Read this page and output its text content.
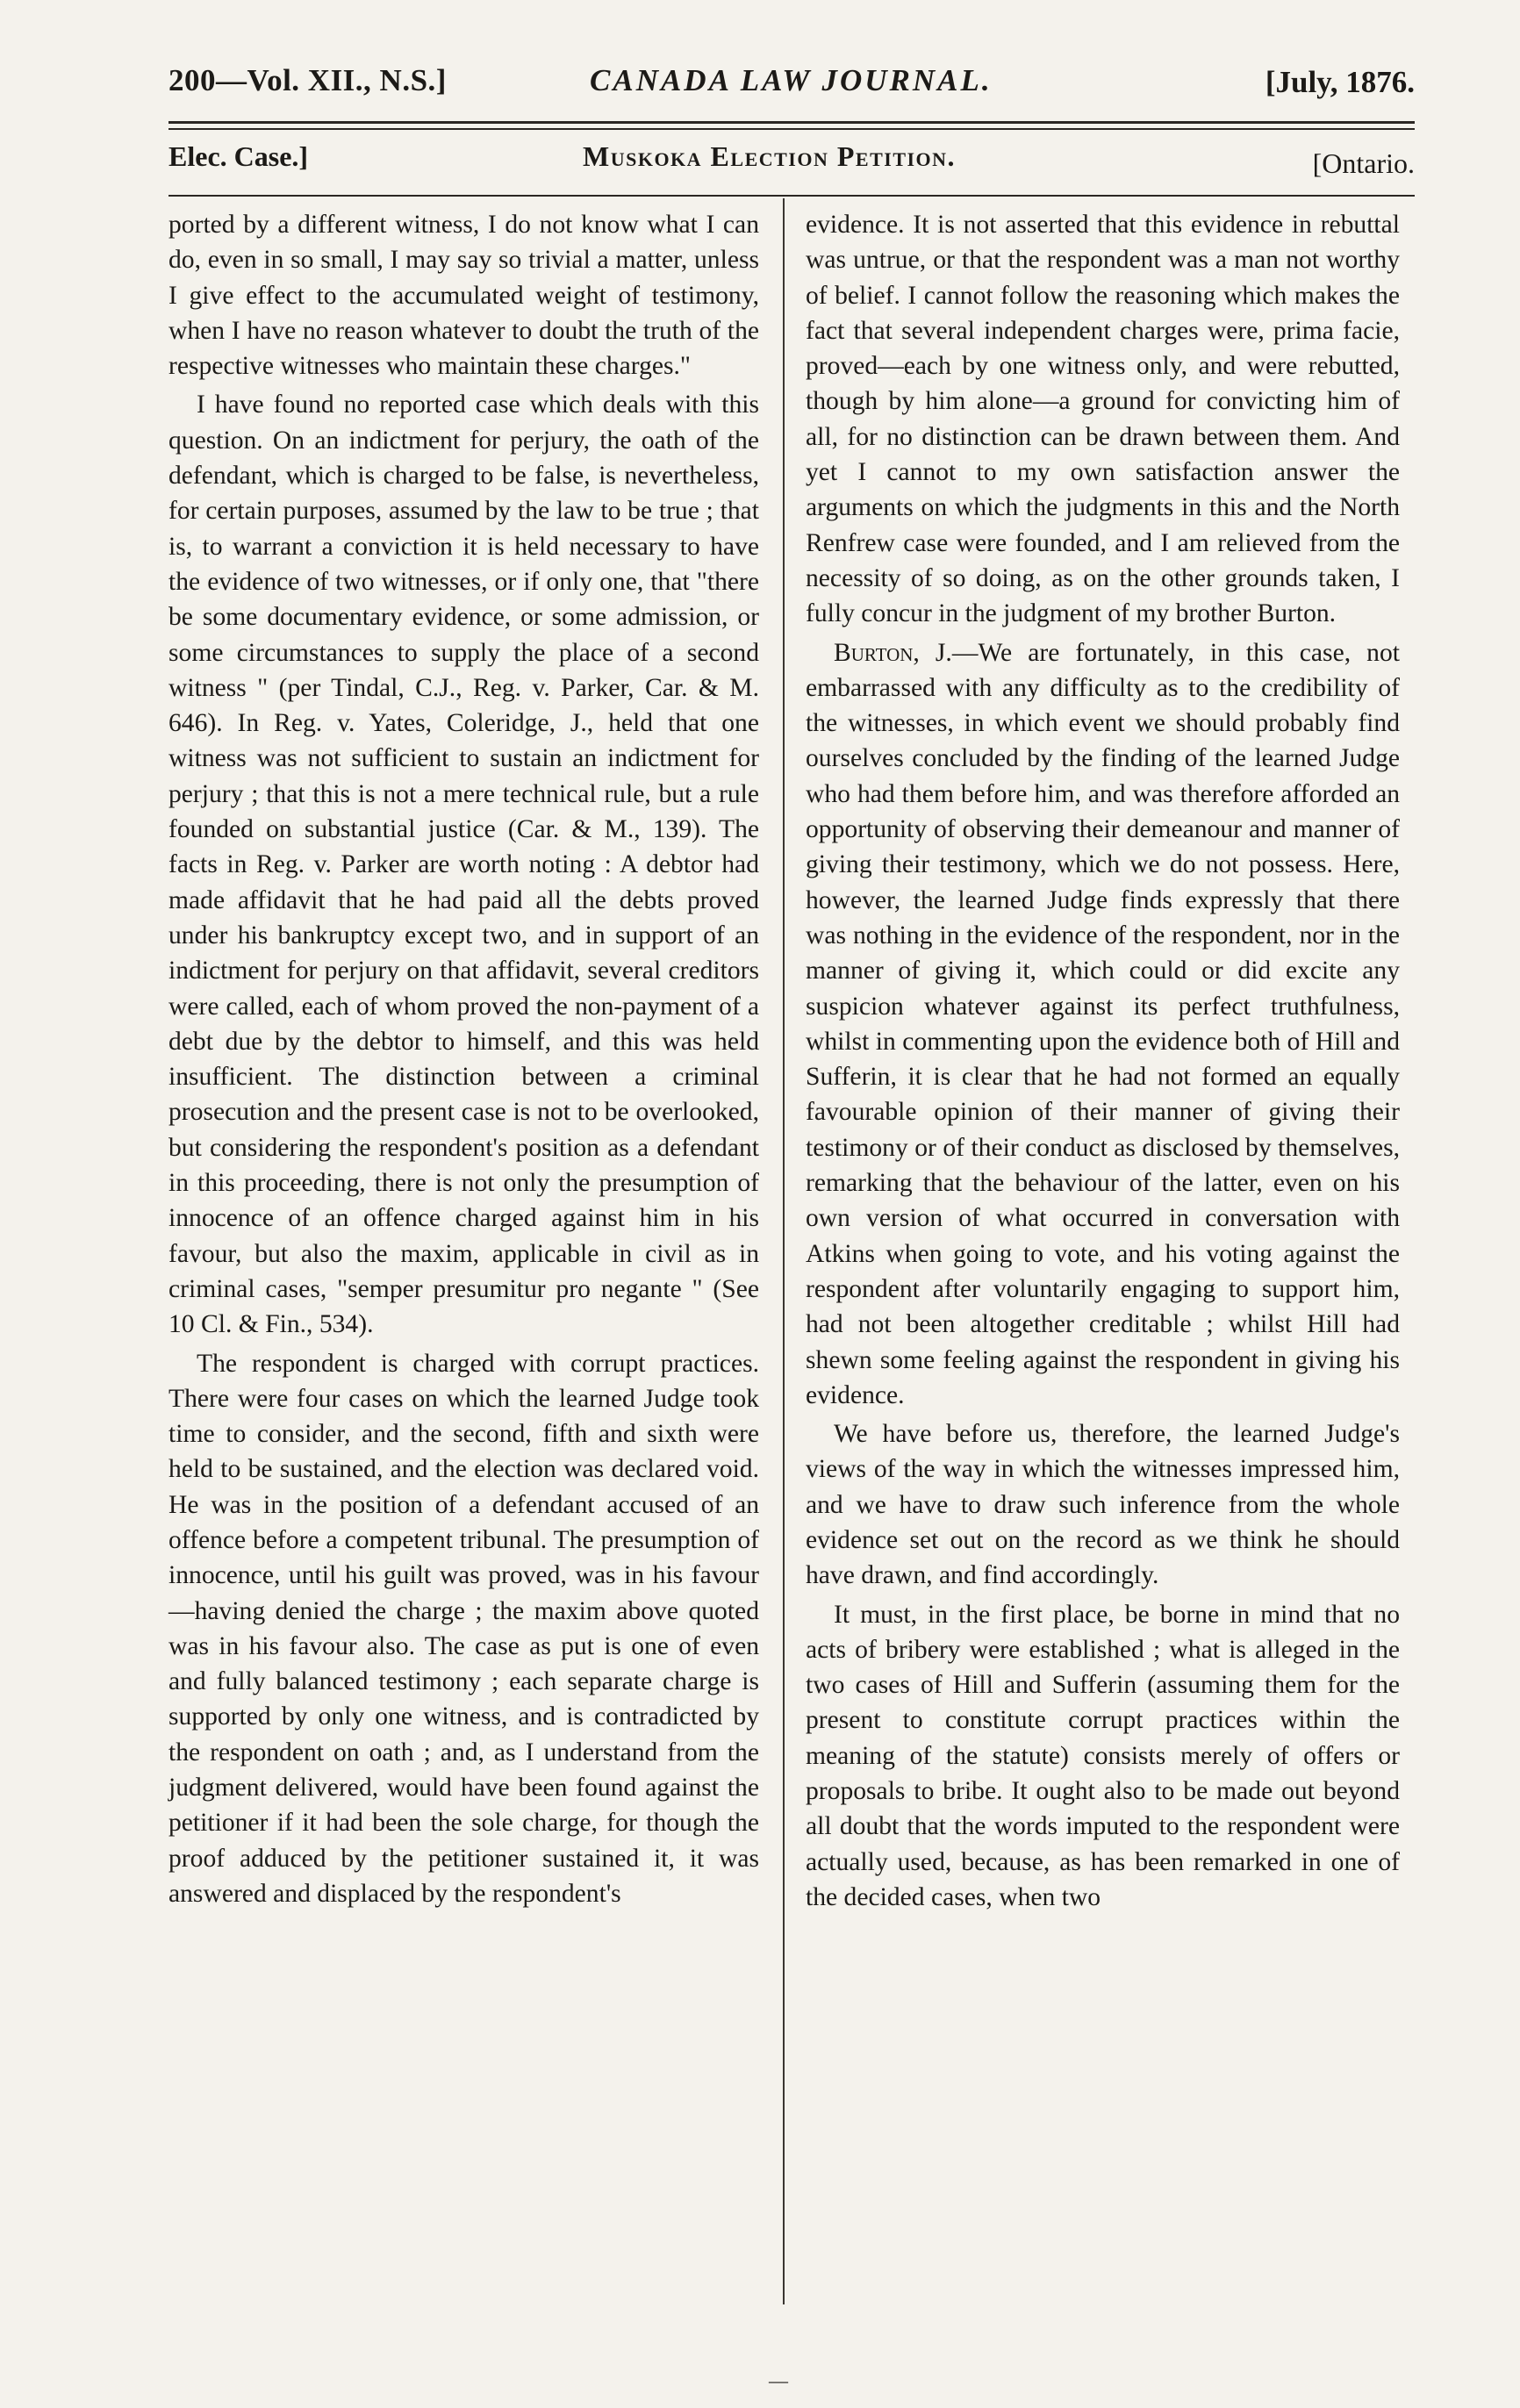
200—Vol. XII., N.S.]	CANADA LAW JOURNAL.	[July, 1876.
Elec. Case.]	Muskoka Election Petition.	[Ontario.

ported by a different witness, I do not know what I can do, even in so small, I may say so trivial a matter, unless I give effect to the accumulated weight of testimony, when I have no reason whatever to doubt the truth of the respective witnesses who maintain these charges."

I have found no reported case which deals with this question. On an indictment for perjury, the oath of the defendant, which is charged to be false, is nevertheless, for certain purposes, assumed by the law to be true ; that is, to warrant a conviction it is held necessary to have the evidence of two witnesses, or if only one, that "there be some documentary evidence, or some admission, or some circumstances to supply the place of a second witness " (per Tindal, C.J., Reg. v. Parker, Car. & M. 646). In Reg. v. Yates, Coleridge, J., held that one witness was not sufficient to sustain an indictment for perjury ; that this is not a mere technical rule, but a rule founded on substantial justice (Car. & M., 139). The facts in Reg. v. Parker are worth noting : A debtor had made affidavit that he had paid all the debts proved under his bankruptcy except two, and in support of an indictment for perjury on that affidavit, several creditors were called, each of whom proved the non-payment of a debt due by the debtor to himself, and this was held insufficient. The distinction between a criminal prosecution and the present case is not to be overlooked, but considering the respondent's position as a defendant in this proceeding, there is not only the presumption of innocence of an offence charged against him in his favour, but also the maxim, applicable in civil as in criminal cases, "semper presumitur pro negante " (See 10 Cl. & Fin., 534).

The respondent is charged with corrupt practices. There were four cases on which the learned Judge took time to consider, and the second, fifth and sixth were held to be sustained, and the election was declared void. He was in the position of a defendant accused of an offence before a competent tribunal. The presumption of innocence, until his guilt was proved, was in his favour—having denied the charge ; the maxim above quoted was in his favour also. The case as put is one of even and fully balanced testimony ; each separate charge is supported by only one witness, and is contradicted by the respondent on oath ; and, as I understand from the judgment delivered, would have been found against the petitioner if it had been the sole charge, for though the proof adduced by the petitioner sustained it, it was answered and displaced by the respondent's

evidence. It is not asserted that this evidence in rebuttal was untrue, or that the respondent was a man not worthy of belief. I cannot follow the reasoning which makes the fact that several independent charges were, prima facie, proved—each by one witness only, and were rebutted, though by him alone—a ground for convicting him of all, for no distinction can be drawn between them. And yet I cannot to my own satisfaction answer the arguments on which the judgments in this and the North Renfrew case were founded, and I am relieved from the necessity of so doing, as on the other grounds taken, I fully concur in the judgment of my brother Burton.

Burton, J.—We are fortunately, in this case, not embarrassed with any difficulty as to the credibility of the witnesses, in which event we should probably find ourselves concluded by the finding of the learned Judge who had them before him, and was therefore afforded an opportunity of observing their demeanour and manner of giving their testimony, which we do not possess. Here, however, the learned Judge finds expressly that there was nothing in the evidence of the respondent, nor in the manner of giving it, which could or did excite any suspicion whatever against its perfect truthfulness, whilst in commenting upon the evidence both of Hill and Sufferin, it is clear that he had not formed an equally favourable opinion of their manner of giving their testimony or of their conduct as disclosed by themselves, remarking that the behaviour of the latter, even on his own version of what occurred in conversation with Atkins when going to vote, and his voting against the respondent after voluntarily engaging to support him, had not been altogether creditable ; whilst Hill had shewn some feeling against the respondent in giving his evidence.

We have before us, therefore, the learned Judge's views of the way in which the witnesses impressed him, and we have to draw such inference from the whole evidence set out on the record as we think he should have drawn, and find accordingly.

It must, in the first place, be borne in mind that no acts of bribery were established ; what is alleged in the two cases of Hill and Sufferin (assuming them for the present to constitute corrupt practices within the meaning of the statute) consists merely of offers or proposals to bribe. It ought also to be made out beyond all doubt that the words imputed to the respondent were actually used, because, as has been remarked in one of the decided cases, when two

—
